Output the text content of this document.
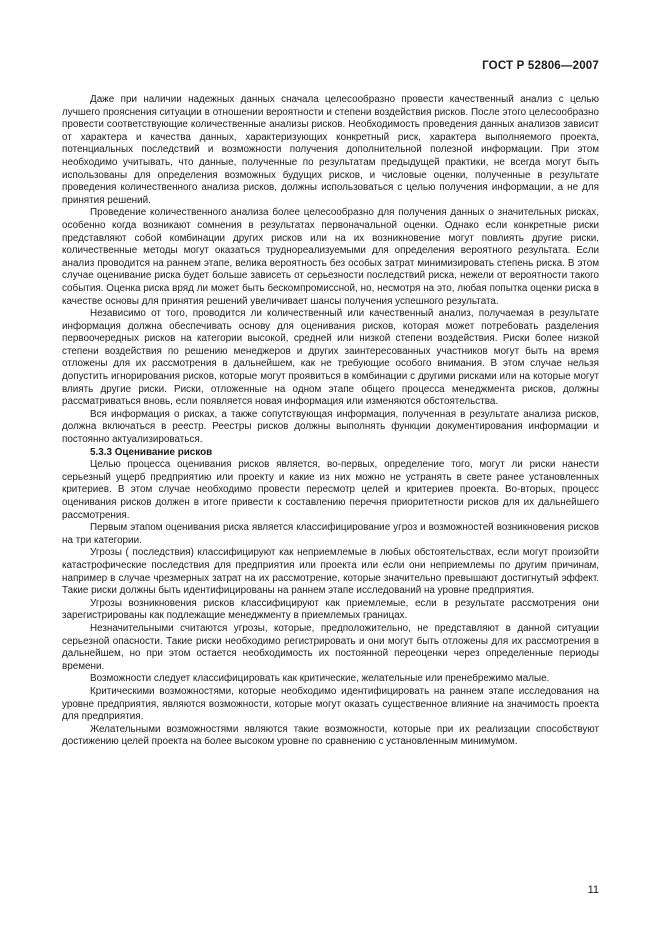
ГОСТ Р 52806—2007

Даже при наличии надежных данных сначала целесообразно провести качественный анализ с целью лучшего прояснения ситуации в отношении вероятности и степени воздействия рисков. После этого целесообразно провести соответствующие количественные анализы рисков. Необходимость проведения данных анализов зависит от характера и качества данных, характеризующих конкретный риск, характера выполняемого проекта, потенциальных последствий и возможности получения дополнительной полезной информации. При этом необходимо учитывать, что данные, полученные по результатам предыдущей практики, не всегда могут быть использованы для определения возможных будущих рисков, и числовые оценки, полученные в результате проведения количественного анализа рисков, должны использоваться с целью получения информации, а не для принятия решений.

Проведение количественного анализа более целесообразно для получения данных о значительных рисках, особенно когда возникают сомнения в результатах первоначальной оценки. Однако если конкретные риски представляют собой комбинации других рисков или на их возникновение могут повлиять другие риски, количественные методы могут оказаться труднореализуемыми для определения вероятного результата. Если анализ проводится на раннем этапе, велика вероятность без особых затрат минимизировать степень риска. В этом случае оценивание риска будет больше зависеть от серьезности последствий риска, нежели от вероятности такого события. Оценка риска вряд ли может быть бескомпромиссной, но, несмотря на это, любая попытка оценки риска в качестве основы для принятия решений увеличивает шансы получения успешного результата.

Независимо от того, проводится ли количественный или качественный анализ, получаемая в результате информация должна обеспечивать основу для оценивания рисков, которая может потребовать разделения первоочередных рисков на категории высокой, средней или низкой степени воздействия. Риски более низкой степени воздействия по решению менеджеров и других заинтересованных участников могут быть на время отложены для их рассмотрения в дальнейшем, как не требующие особого внимания. В этом случае нельзя допустить игнорирования рисков, которые могут проявиться в комбинации с другими рисками или на которые могут влиять другие риски. Риски, отложенные на одном этапе общего процесса менеджмента рисков, должны рассматриваться вновь, если появляется новая информация или изменяются обстоятельства.

Вся информация о рисках, а также сопутствующая информация, полученная в результате анализа рисков, должна включаться в реестр. Реестры рисков должны выполнять функции документирования информации и постоянно актуализироваться.

5.3.3 Оценивание рисков

Целью процесса оценивания рисков является, во-первых, определение того, могут ли риски нанести серьезный ущерб предприятию или проекту и какие из них можно не устранять в свете ранее установленных критериев. В этом случае необходимо провести пересмотр целей и критериев проекта. Во-вторых, процесс оценивания рисков должен в итоге привести к составлению перечня приоритетности рисков для их дальнейшего рассмотрения.

Первым этапом оценивания риска является классифицирование угроз и возможностей возникновения рисков на три категории.

Угрозы ( последствия) классифицируют как неприемлемые в любых обстоятельствах, если могут произойти катастрофические последствия для предприятия или проекта или если они неприемлемы по другим причинам, например в случае чрезмерных затрат на их рассмотрение, которые значительно превышают достигнутый эффект. Такие риски должны быть идентифицированы на раннем этапе исследований на уровне предприятия.

Угрозы возникновения рисков классифицируют как приемлемые, если в результате рассмотрения они зарегистрированы как подлежащие менеджменту в приемлемых границах.

Незначительными считаются угрозы, которые, предположительно, не представляют в данной ситуации серьезной опасности. Такие риски необходимо регистрировать и они могут быть отложены для их рассмотрения в дальнейшем, но при этом остается необходимость их постоянной переоценки через определенные периоды времени.

Возможности следует классифицировать как критические, желательные или пренебрежимо малые.

Критическими возможностями, которые необходимо идентифицировать на раннем этапе исследования на уровне предприятия, являются возможности, которые могут оказать существенное влияние на значимость проекта для предприятия.

Желательными возможностями являются такие возможности, которые при их реализации способствуют достижению целей проекта на более высоком уровне по сравнению с установленным минимумом.

11
